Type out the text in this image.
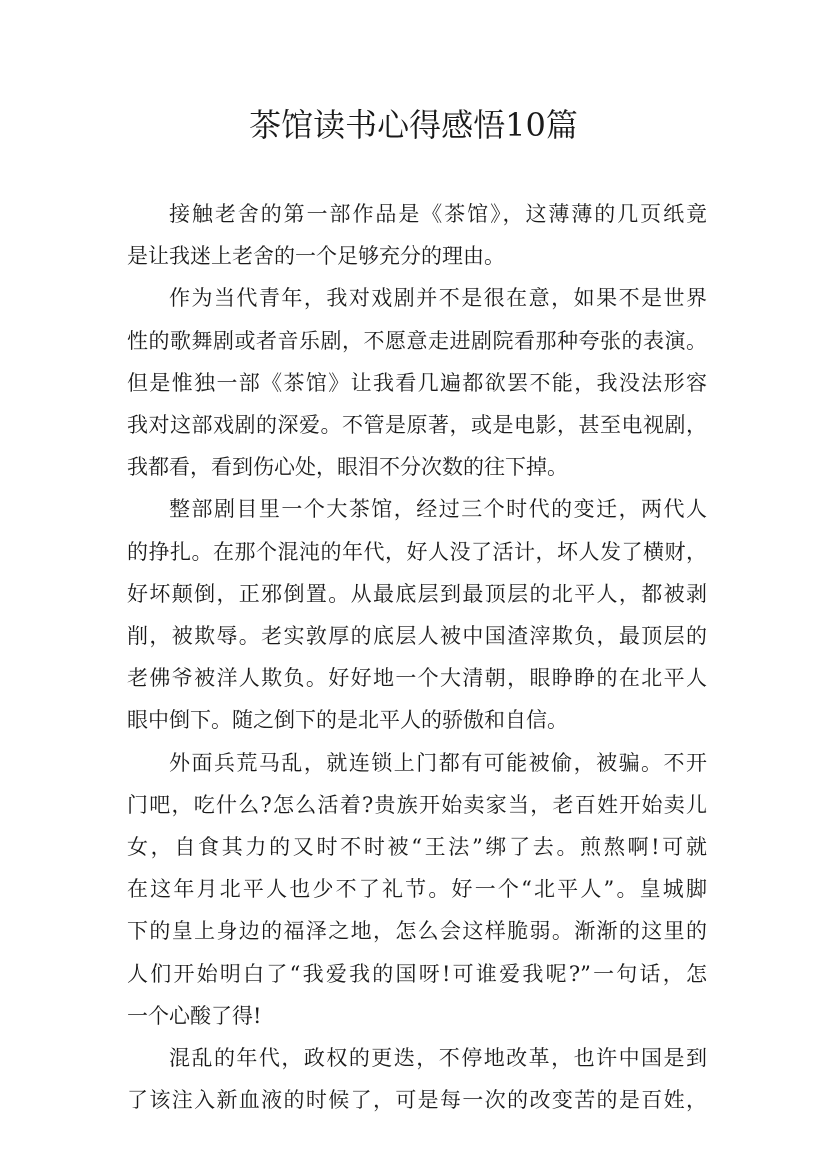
茶馆读书心得感悟10篇
接触老舍的第一部作品是《茶馆》，这薄薄的几页纸竟
是让我迷上老舍的一个足够充分的理由。
作为当代青年，我对戏剧并不是很在意，如果不是世界
性的歌舞剧或者音乐剧，不愿意走进剧院看那种夸张的表演。
但是惟独一部《茶馆》让我看几遍都欲罢不能，我没法形容
我对这部戏剧的深爱。不管是原著，或是电影，甚至电视剧，
我都看，看到伤心处，眼泪不分次数的往下掉。
整部剧目里一个大茶馆，经过三个时代的变迁，两代人
的挣扎。在那个混沌的年代，好人没了活计，坏人发了横财，
好坏颠倒，正邪倒置。从最底层到最顶层的北平人，都被剥
削，被欺辱。老实敦厚的底层人被中国渣滓欺负，最顶层的
老佛爷被洋人欺负。好好地一个大清朝，眼睁睁的在北平人
眼中倒下。随之倒下的是北平人的骄傲和自信。
外面兵荒马乱，就连锁上门都有可能被偷，被骗。不开
门吧，吃什么?怎么活着?贵族开始卖家当，老百姓开始卖儿
女，自食其力的又时不时被“王法”绑了去。煎熬啊!可就
在这年月北平人也少不了礼节。好一个“北平人”。皇城脚
下的皇上身边的福泽之地，怎么会这样脆弱。渐渐的这里的
人们开始明白了“我爱我的国呀!可谁爱我呢?”一句话，怎
一个心酸了得!
混乱的年代，政权的更迭，不停地改革，也许中国是到
了该注入新血液的时候了，可是每一次的改变苦的是百姓，
